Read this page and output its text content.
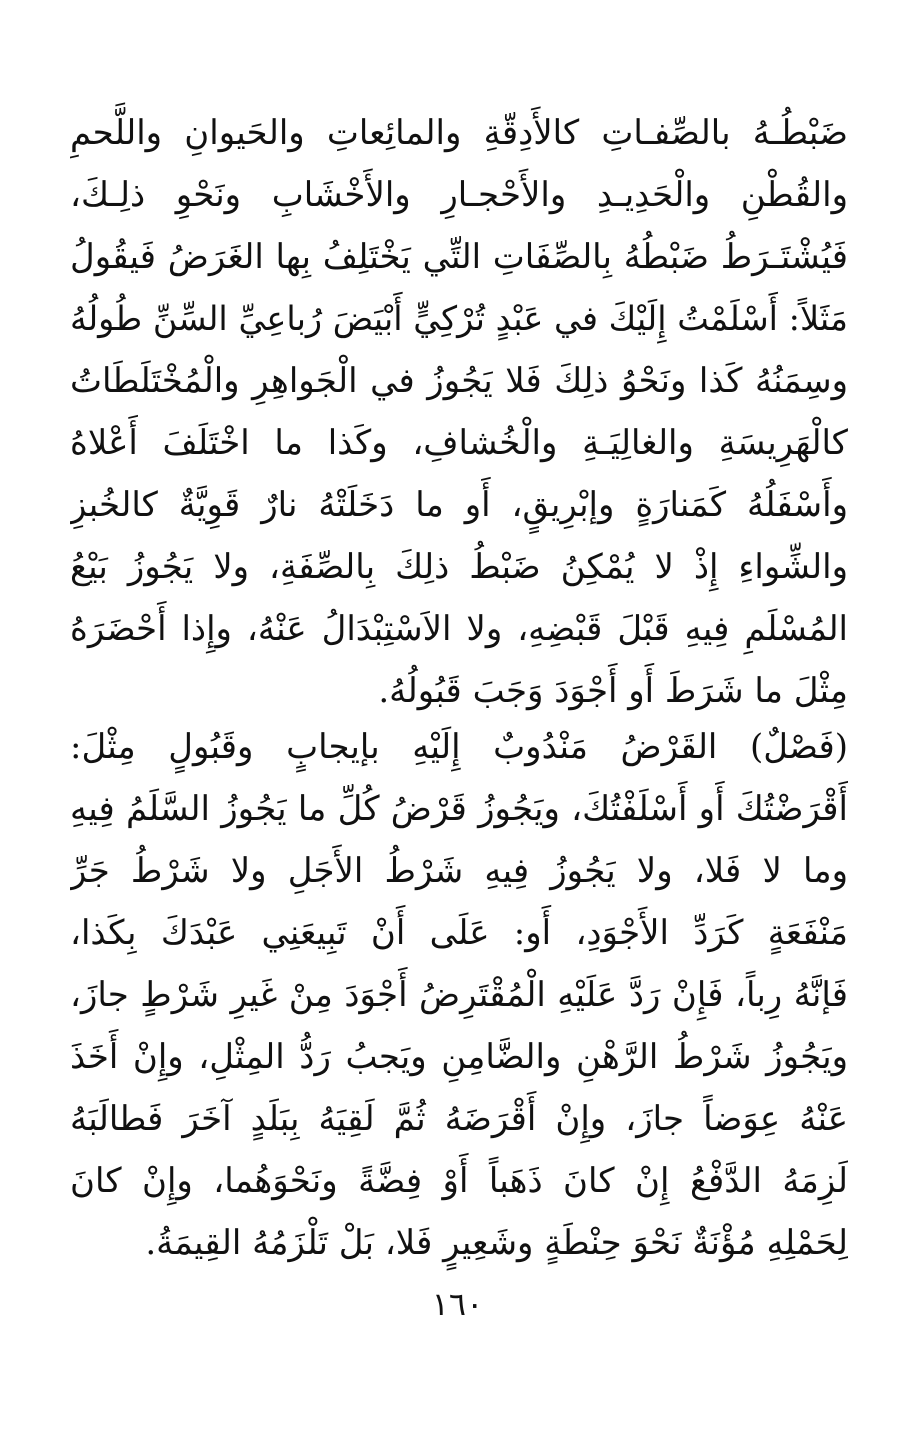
ضَبْطُـهُ بالصِّفـاتِ كالأَدِقّةِ والمائِعاتِ والحَيوانِ واللَّحمِ
والقُطْنِ والْحَدِيـدِ والأَحْجـارِ والأَخْشَابِ ونَحْوِ ذلِـكَ،
فَيُشْتَـرَطُ ضَبْطُهُ بِالصِّفَاتِ التِّي يَخْتَلِفُ بِها الغَرَضُ فَيقُولُ
مَثَلاً: أَسْلَمْتُ إِلَيْكَ في عَبْدٍ تُرْكِيٍّ أَبْيَضَ رُباعِيِّ السِّنِّ طُولُهُ
وسِمَنُهُ كَذا ونَحْوُ ذلِكَ فَلا يَجُوزُ في الْجَواهِرِ والْمُخْتَلَطَاتُ
كالْهَرِيسَةِ والغالِيَـةِ والْخُشافِ، وكَذا ما اخْتَلَفَ أَعْلاهُ
وأَسْفَلُهُ كَمَنارَةٍ وإبْرِيقٍ، أَو ما دَخَلَتْهُ نارٌ قَوِيَّةٌ كالخُبزِ
والشِّواءِ إِذْ لا يُمْكِنُ ضَبْطُ ذلِكَ بِالصِّفَةِ، ولا يَجُوزُ بَيْعُ
المُسْلَمِ فِيهِ قَبْلَ قَبْضِهِ، ولا الاَسْتِبْدَالُ عَنْهُ، وإِذا أَحْضَرَهُ
مِثْلَ ما شَرَطَ أَو أَجْوَدَ وَجَبَ قَبُولُهُ.
(فَصْلٌ) القَرْضُ مَنْدُوبٌ إِلَيْهِ بإيجابٍ وقَبُولٍ مِثْلَ:
أَقْرَضْتُكَ أَو أَسْلَفْتُكَ، ويَجُوزُ قَرْضُ كُلِّ ما يَجُوزُ السَّلَمُ فِيهِ
وما لا فَلا، ولا يَجُوزُ فِيهِ شَرْطُ الأَجَلِ ولا شَرْطُ جَرِّ
مَنْفَعَةٍ كَرَدِّ الأَجْوَدِ، أَو: عَلَى أَنْ تَبِيعَنِي عَبْدَكَ بِكَذا،
فَإنَّهُ رِباً، فَإِنْ رَدَّ عَلَيْهِ الْمُقْتَرِضُ أَجْوَدَ مِنْ غَيرِ شَرْطٍ جازَ،
ويَجُوزُ شَرْطُ الرَّهْنِ والضَّامِنِ ويَجبُ رَدُّ المِثْلِ، وإِنْ أَخَذَ
عَنْهُ عِوَضاً جازَ، وإِنْ أَقْرَضَهُ ثُمَّ لَقِيَهُ بِبَلَدٍ آخَرَ فَطالَبَهُ
لَزِمَهُ الدَّفْعُ إِنْ كانَ ذَهَباً أَوْ فِضَّةً ونَحْوَهُما، وإِنْ كانَ
لِحَمْلِهِ مُؤْنَةٌ نَحْوَ حِنْطَةٍ وشَعِيرٍ فَلا، بَلْ تَلْزَمُهُ القِيمَةُ.
١٦٠
